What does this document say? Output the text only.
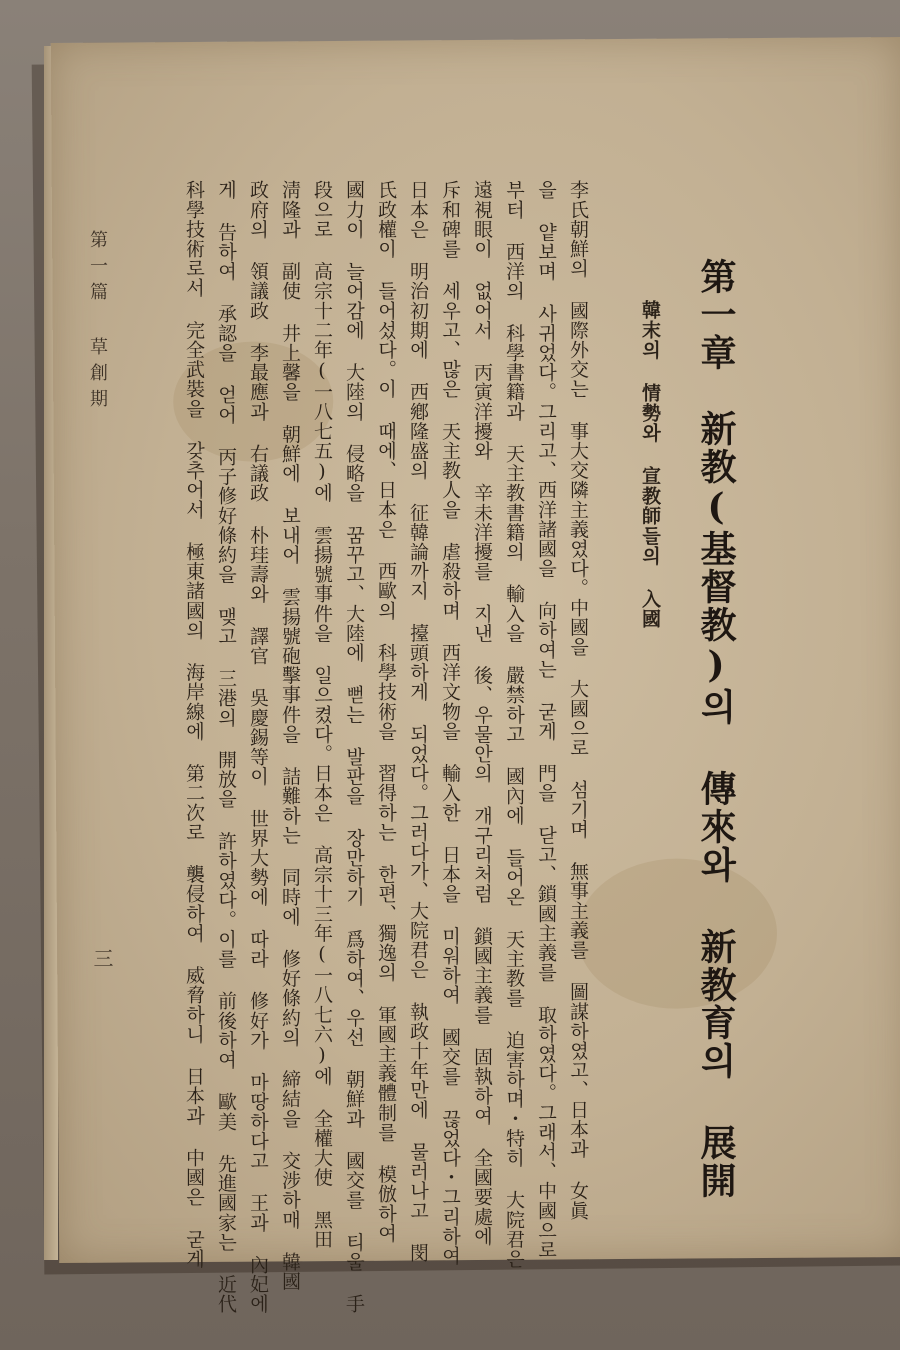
第一章　新教(基督教)의 傳來와 新教育의 展開
韓末의 情勢와 宣教師들의 入國
李氏朝鮮의 國際外交는 事大交隣主義였다。中國을 大國으로 섬기며 無事主義를 圖謀하였고、日本과 女眞
을 얕보며 사귀었다。그리고、西洋諸國을 向하여는 굳게 門을 닫고、鎖國主義를 取하였다。그래서、中國으로
부터 西洋의 科學書籍과 天主教書籍의 輸入을 嚴禁하고 國內에 들어온 天主教를 迫害하며・特히 大院君은
遠視眼이 없어서 丙寅洋擾와 辛未洋擾를 지낸 後、우물안의 개구리처럼 鎖國主義를 固執하여 全國要處에
斥和碑를 세우고、많은 天主教人을 虐殺하며 西洋文物을 輸入한 日本을 미워하여 國交를 끊었다・그리하여
日本은 明治初期에 西鄕隆盛의 征韓論까지 擡頭하게 되었다。그러다가、大院君은 執政十年만에 물러나고 閔
氏政權이 들어섰다。이 때에、日本은 西歐의 科學技術을 習得하는 한편、獨逸의 軍國主義體制를 模倣하여
國力이 늘어감에 大陸의 侵略을 꿈꾸고、大陸에 뻗는 발판을 장만하기 爲하여、우선 朝鮮과 國交를 티울 手
段으로 高宗十二年(一八七五)에 雲揚號事件을 일으켰다。日本은 高宗十三年(一八七六)에 全權大使 黑田
淸隆과 副使 井上馨을 朝鮮에 보내어 雲揚號砲擊事件을 詰難하는 同時에 修好條約의 締結을 交涉하매 韓國
政府의 領議政 李最應과 右議政 朴珪壽와 譯官 吳慶錫等이 世界大勢에 따라 修好가 마땅하다고 王과 內妃에
게 告하여 承認을 얻어 丙子修好條約을 맺고 三港의 開放을 許하였다。이를 前後하여 歐美 先進國家는 近代
科學技術로서 完全武裝을 갖추어서 極東諸國의 海岸線에 第二次로 襲侵하여 威脅하니 日本과 中國은 굳게
第一篇 草創期
三
